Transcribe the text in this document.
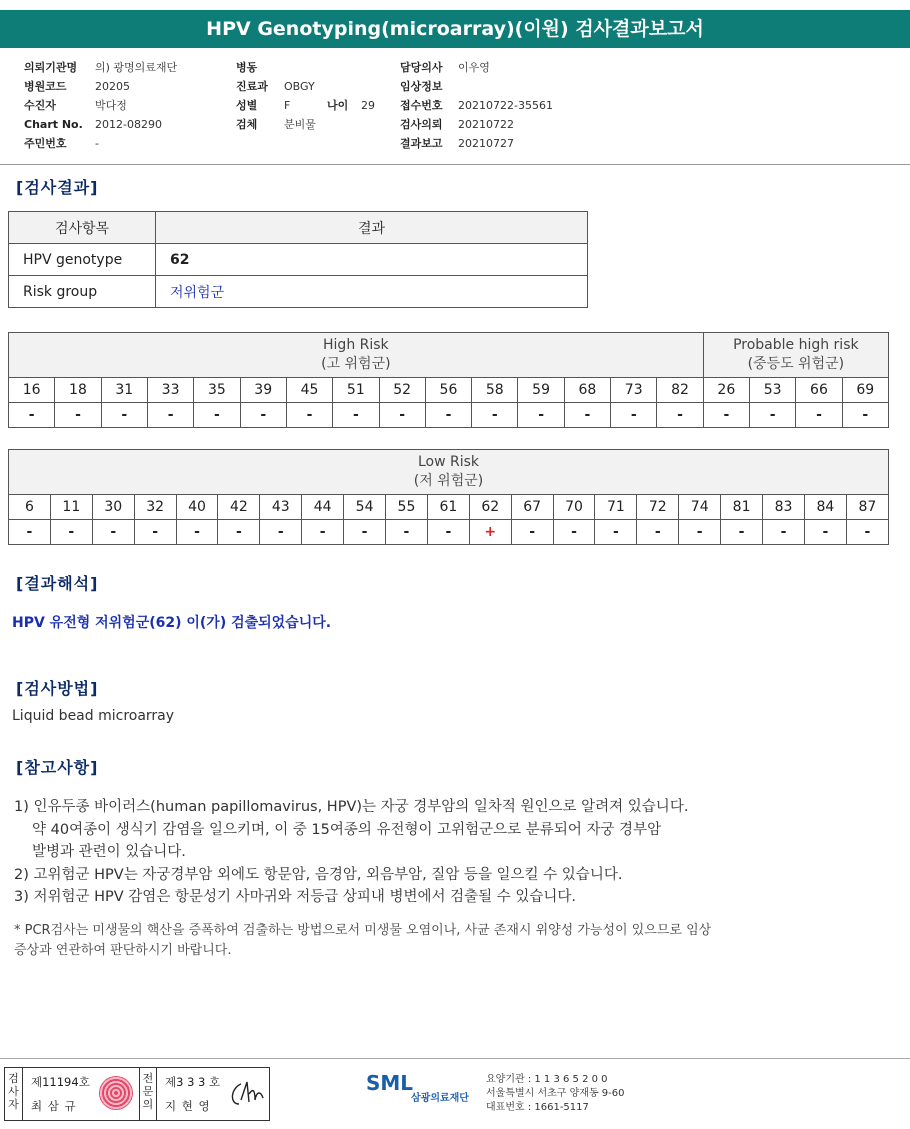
HPV Genotyping(microarray)(이원) 검사결과보고서
의뢰기관명 의) 광명의료재단
병원코드	20205
수진자	박다정
Chart No. 2012-08290
주민번호	-
병동
진료과 OBGY
성별 F	나이 29
검체 분비물
담당의사 이우영
임상정보
접수번호 20210722-35561
검사의뢰 20210722
결과보고 20210727
[검사결과]
검사항목	결과
HPV genotype	62
Risk group	저위험군
High Risk
(고 위험군)															Probable high risk
(중등도 위험군)			
16	18	31	33	35	39	45	51	52	56	58	59	68	73	82	26	53	66	69
-	-	-	-	-	-	-	-	-	-	-	-	-	-	-	-	-	-	-
Low Risk
(저 위험군)																				
6	11	30	32	40	42	43	44	54	55	61	62	67	70	71	72	74	81	83	84	87
-	-	-	-	-	-	-	-	-	-	-	+	-	-	-	-	-	-	-	-	-
[결과해석]
HPV 유전형 저위험군(62) 이(가) 검출되었습니다.
[검사방법]
Liquid bead microarray
[참고사항]
1) 인유두종 바이러스(human papillomavirus, HPV)는 자궁 경부암의 일차적 원인으로 알려져 있습니다.
약 40여종이 생식기 감염을 일으키며, 이 중 15여종의 유전형이 고위험군으로 분류되어 자궁 경부암
발병과 관련이 있습니다.
2) 고위험군 HPV는 자궁경부암 외에도 항문암, 음경암, 외음부암, 질암 등을 일으킬 수 있습니다.
3) 저위험군 HPV 감염은 항문성기 사마귀와 저등급 상피내 병변에서 검출될 수 있습니다.
* PCR검사는 미생물의 핵산을 증폭하여 검출하는 방법으로서 미생물 오염이나, 사균 존재시 위양성 가능성이 있으므로 임상
증상과 연관하여 판단하시기 바랍니다.
검
사
자
제11194호
최 삼 규
전
문
의
제3 3 3 호
지 현 영
SML
삼광의료재단
요양기관 : 1 1 3 6 5 2 0 0
서울특별시 서초구 양재동 9-60
대표번호 : 1661-5117
